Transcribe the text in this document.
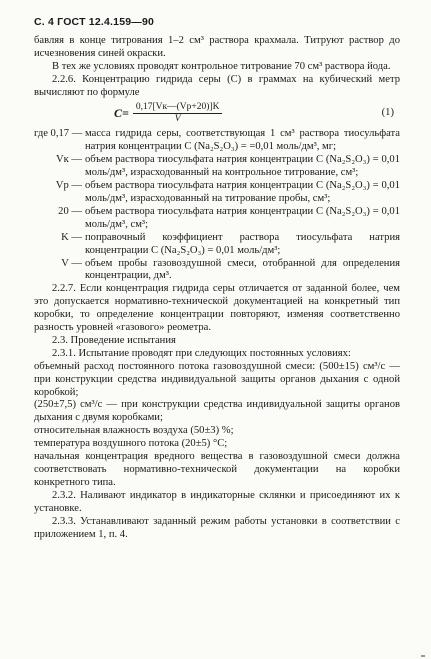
С. 4 ГОСТ 12.4.159—90

бавляя в конце титрования 1–2 см³ раствора крахмала. Титруют раствор до исчезновения синей окраски.

В тех же условиях проводят контрольное титрование 70 см³ раствора йода.

2.2.6. Концентрацию гидрида серы (С) в граммах на кубический метр вычисляют по формуле

$С= \frac{0,17[Vк—(Vр+20)]K}{V}$	(1)
где 0,17 — масса гидрида серы, соответствующая 1 см³ раствора тиосульфата натрия концентрации С (Na₂S₂O₃) = =0,01 моль/дм³, мг;
Vк — объем раствора тиосульфата натрия концентрации С (Na₂S₂O₃) = 0,01 моль/дм³, израсходованный на контрольное титрование, см³;
Vр — объем раствора тиосульфата натрия концентрации С (Na₂S₂O₃) = 0,01 моль/дм³, израсходованный на титрование пробы, см³;
20 — объем раствора тиосульфата натрия концентрации С (Na₂S₂O₃) = 0,01 моль/дм³, см³;
K — поправочный коэффициент раствора тиосульфата натрия концентрации С (Na₂S₂O₃) = 0,01 моль/дм³;
V — объем пробы газовоздушной смеси, отобранной для определения концентрации, дм³.

2.2.7. Если концентрация гидрида серы отличается от заданной более, чем это допускается нормативно-технической документацией на конкретный тип коробки, то определение концентрации повторяют, изменяя соответственно разность уровней «газового» реометра.

2.3. Проведение испытания

2.3.1. Испытание проводят при следующих постоянных условиях:

объемный расход постоянного потока газовоздушной смеси: (500±15) см³/с — при конструкции средства индивидуальной защиты органов дыхания с одной коробкой;

(250±7,5) см³/с — при конструкции средства индивидуальной защиты органов дыхания с двумя коробками;

относительная влажность воздуха (50±3) %;

температура воздушного потока (20±5) °С;

начальная концентрация вредного вещества в газовоздушной смеси должна соответствовать нормативно-технической документации на коробки конкретного типа.

2.3.2. Наливают индикатор в индикаторные склянки и присоединяют их к установке.

2.3.3. Устанавливают заданный режим работы установки в соответствии с приложением 1, п. 4.
